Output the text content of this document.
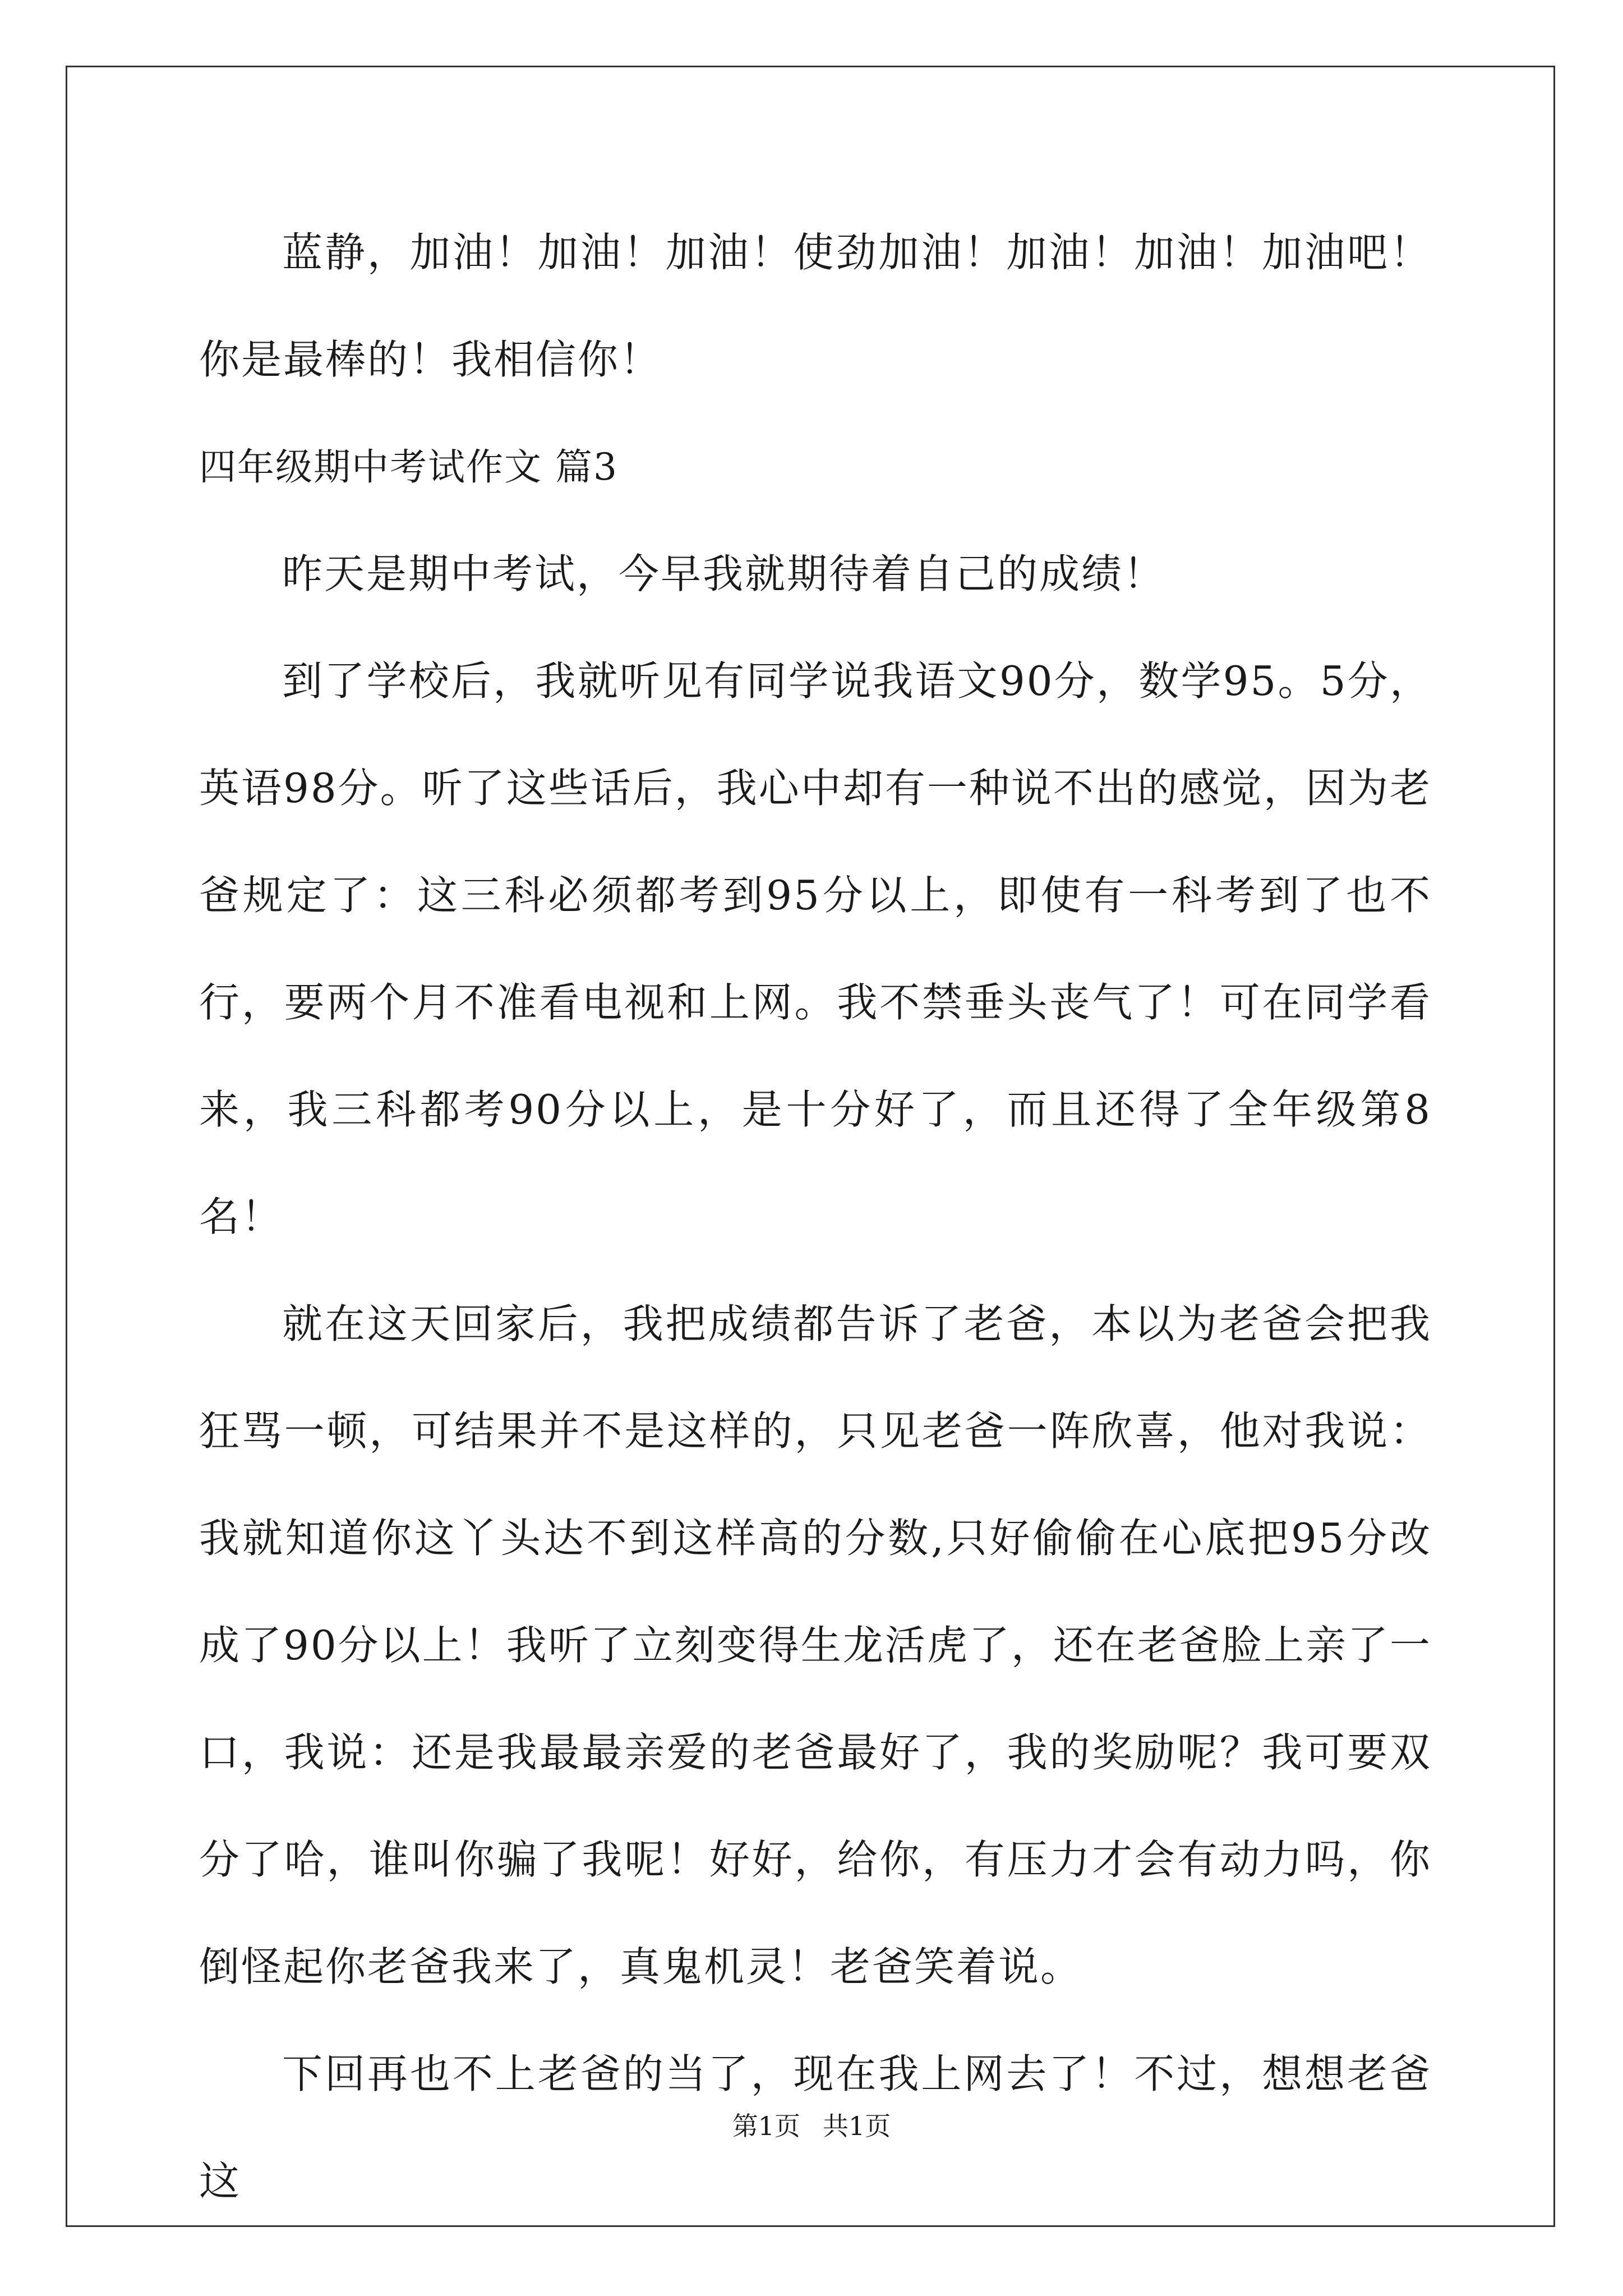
蓝静，加油！加油！加油！使劲加油！加油！加油！加油吧！你是最棒的！我相信你！

四年级期中考试作文 篇3

昨天是期中考试，今早我就期待着自己的成绩！

到了学校后，我就听见有同学说我语文90分，数学95。5分，英语98分。听了这些话后，我心中却有一种说不出的感觉，因为老爸规定了：这三科必须都考到95分以上，即使有一科考到了也不行，要两个月不准看电视和上网。我不禁垂头丧气了！可在同学看来，我三科都考90分以上，是十分好了，而且还得了全年级第8名！

就在这天回家后，我把成绩都告诉了老爸，本以为老爸会把我狂骂一顿，可结果并不是这样的，只见老爸一阵欣喜，他对我说：我就知道你这丫头达不到这样高的分数,只好偷偷在心底把95分改成了90分以上！我听了立刻变得生龙活虎了，还在老爸脸上亲了一口，我说：还是我最最亲爱的老爸最好了，我的奖励呢？我可要双分了哈，谁叫你骗了我呢！好好，给你，有压力才会有动力吗，你倒怪起你老爸我来了，真鬼机灵！老爸笑着说。

下回再也不上老爸的当了，现在我上网去了！不过，想想老爸这

第1页 共1页
